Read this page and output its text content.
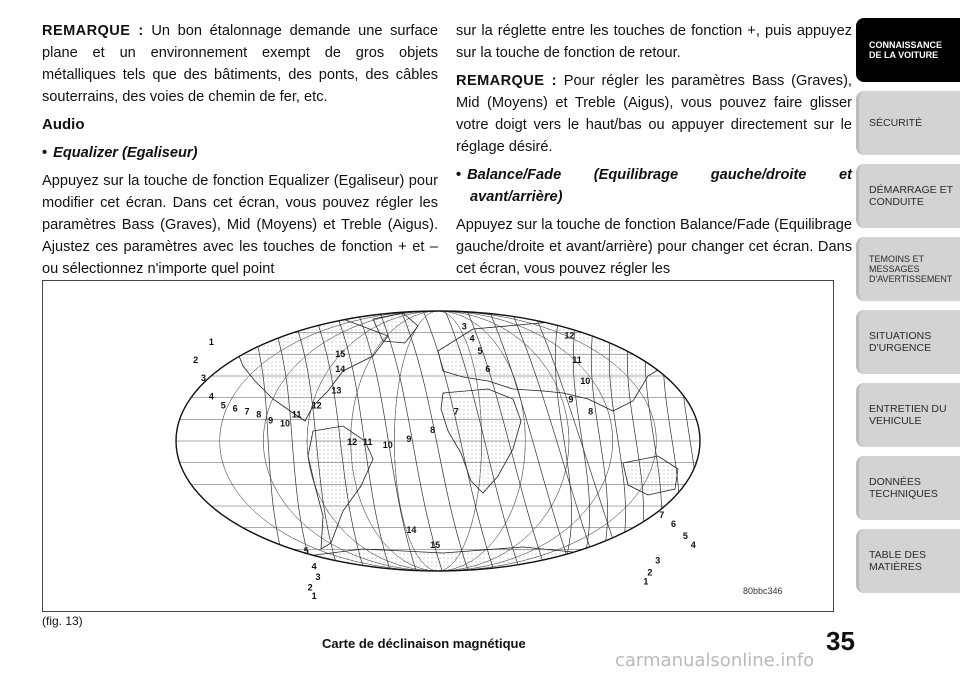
REMARQUE : Un bon étalonnage demande une surface plane et un environnement exempt de gros objets métalliques tels que des bâtiments, des ponts, des câbles souterrains, des voies de chemin de fer, etc.

Audio

• Equalizer (Egaliseur)

Appuyez sur la touche de fonction Equalizer (Egaliseur) pour modifier cet écran. Dans cet écran, vous pouvez régler les paramètres Bass (Graves), Mid (Moyens) et Treble (Aigus). Ajustez ces paramètres avec les touches de fonction + et – ou sélectionnez n'importe quel point

sur la réglette entre les touches de fonction +, puis appuyez sur la touche de fonction de retour.

REMARQUE : Pour régler les paramètres Bass (Graves), Mid (Moyens) et Treble (Aigus), vous pouvez faire glisser votre doigt vers le haut/bas ou appuyer directement sur le réglage désiré.

• Balance/Fade (Equilibrage gauche/droite et avant/arrière)

Appuyez sur la touche de fonction Balance/Fade (Equilibrage gauche/droite et avant/arrière) pour changer cet écran. Dans cet écran, vous pouvez régler les

1
2
3
4
5 6 7 8
9 10
11
12
13
14
15
12 11 10
9
8
7
6
5
4
3
12
11
10
9
8
7
6
5
4
3
2
1
14
15
5
4
3
2
1	80bbc346
(fig. 13)
Carte de déclinaison magnétique	35
carmanualsonline.info
CONNAISSANCE DE LA VOITURE
SÉCURITÉ
DÉMARRAGE ET CONDUITE
TEMOINS ET MESSAGES D'AVERTISSEMENT
SITUATIONS D'URGENCE
ENTRETIEN DU VEHICULE
DONNÉES TECHNIQUES
TABLE DES MATIÈRES
